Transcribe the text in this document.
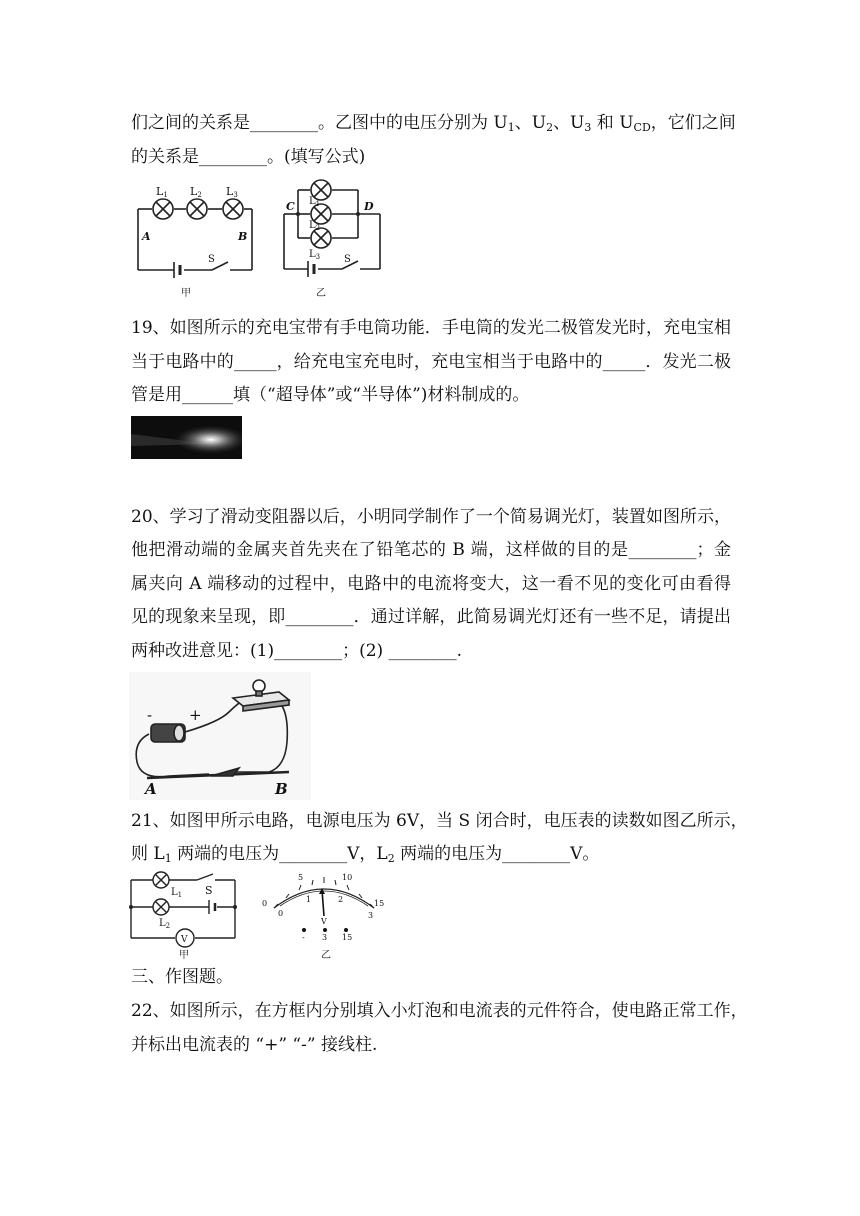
们之间的关系是________。乙图中的电压分别为 $U_1$、$U_2$、$U_3$ 和 $U_{CD}$，它们之间
的关系是________。(填写公式)
L1 L2 L3
A	B
S
甲
C	D
$L_1$
$L_2$
$L_3$ S
乙
19、如图所示的充电宝带有手电筒功能．手电筒的发光二极管发光时，充电宝相
当于电路中的_____，给充电宝充电时，充电宝相当于电路中的_____．发光二极
管是用______填（“超导体”或“半导体”)材料制成的。
20、学习了滑动变阻器以后，小明同学制作了一个简易调光灯，装置如图所示，
他把滑动端的金属夹首先夹在了铅笔芯的 B 端，这样做的目的是________；金
属夹向 A 端移动的过程中，电路中的电流将变大，这一看不见的变化可由看得
见的现象来呈现，即________．通过详解，此简易调光灯还有一些不足，请提出
两种改进意见：(1)________；(2) ________.
- +
A	B
21、如图甲所示电路，电源电压为 6V，当 S 闭合时，电压表的读数如图乙所示，
则 $L_1$ 两端的电压为________V，$L_2$ 两端的电压为________V。
$L_1$
$L_2$
S
V
甲
0
5	10
15
0
1	2
3
V
- 3 15
乙
三、作图题。
22、如图所示，在方框内分别填入小灯泡和电流表的元件符合，使电路正常工作，
并标出电流表的 “+” “-” 接线柱.
